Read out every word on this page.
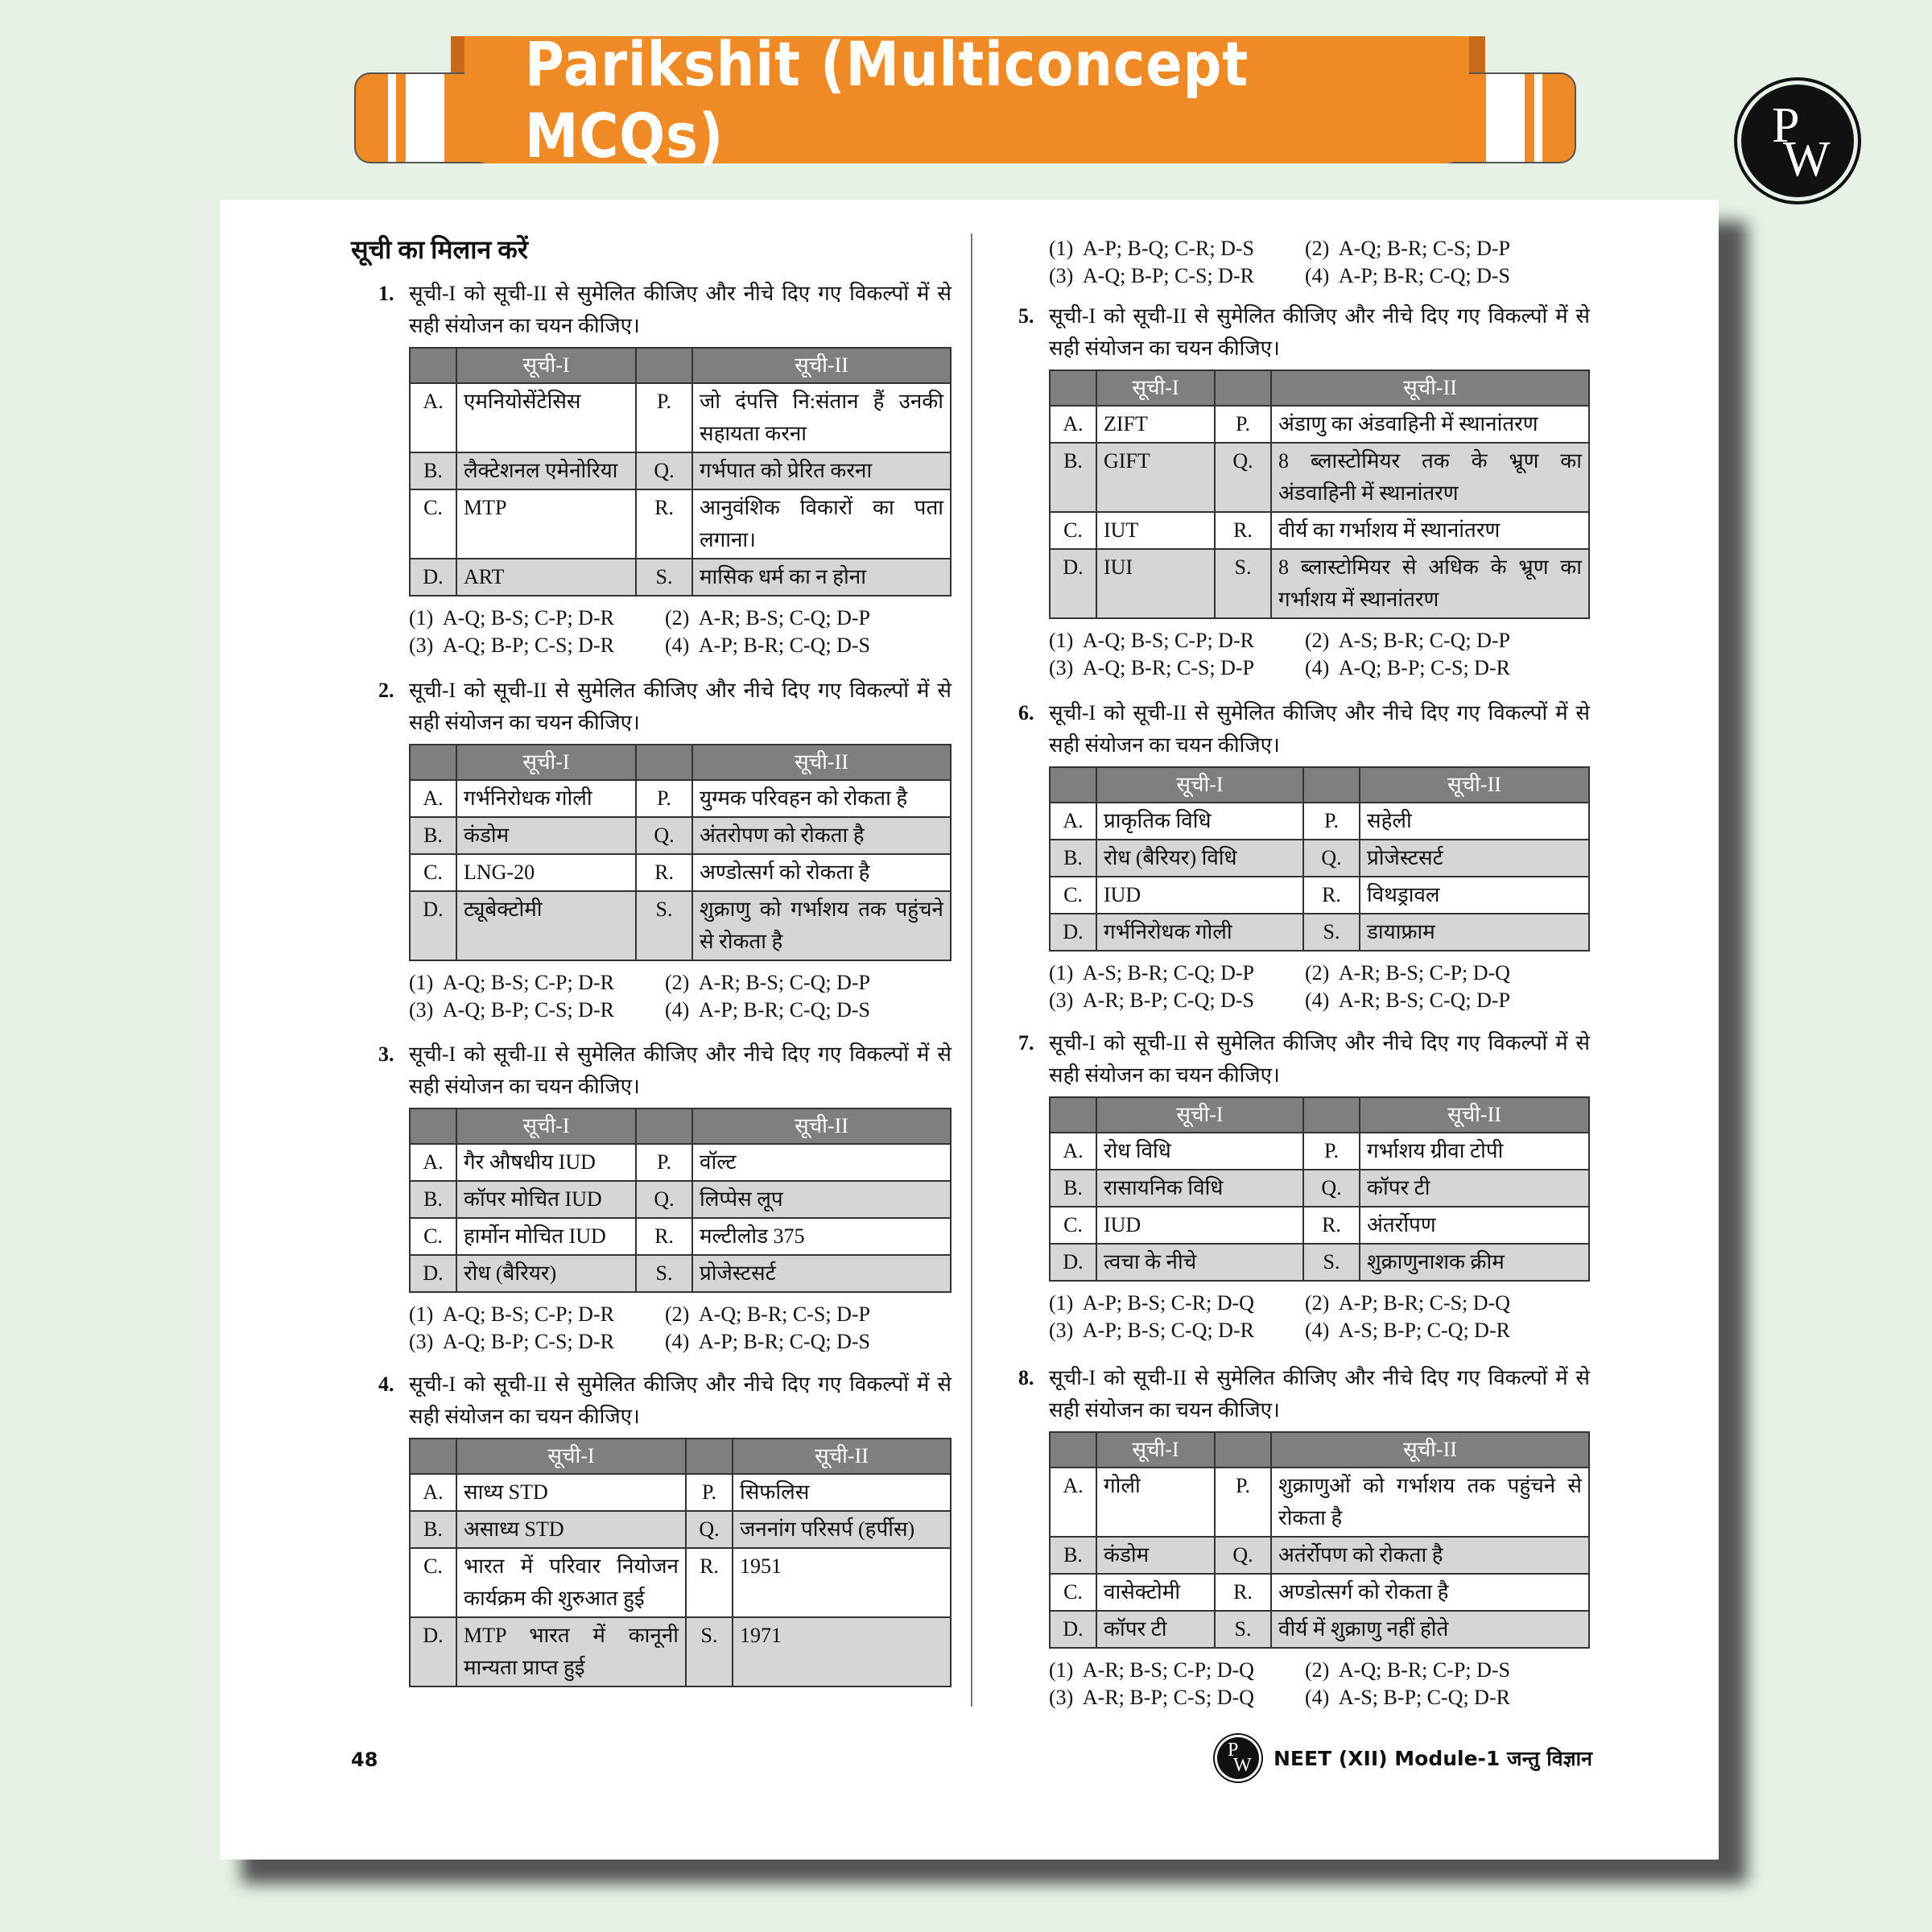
Parikshit (Multiconcept MCQs)	P
W
सूची का मिलान करें
1. सूची-I को सूची-II से सुमेलित कीजिए और नीचे दिए गए विकल्पों में से सही संयोजन का चयन कीजिए।
	सूची-I		सूची-II
A.	एमनियोसेंटेसिस	P.	जो दंपत्ति नि:संतान हैं उनकी सहायता करना
B.	लैक्टेशनल एमेनोरिया	Q.	गर्भपात को प्रेरित करना
C.	MTP	R.	आनुवंशिक विकारों का पता लगाना।
D.	ART	S.	मासिक धर्म का न होना
(1)  A-Q; B-S; C-P; D-R	(2)  A-R; B-S; C-Q; D-P
(3)  A-Q; B-P; C-S; D-R	(4)  A-P; B-R; C-Q; D-S
2. सूची-I को सूची-II से सुमेलित कीजिए और नीचे दिए गए विकल्पों में से सही संयोजन का चयन कीजिए।
	सूची-I		सूची-II
A.	गर्भनिरोधक गोली	P.	युग्मक परिवहन को रोकता है
B.	कंडोम	Q.	अंतरोपण को रोकता है
C.	LNG-20	R.	अण्डोत्सर्ग को रोकता है
D.	ट्यूबेक्टोमी	S.	शुक्राणु को गर्भाशय तक पहुंचने से रोकता है
(1)  A-Q; B-S; C-P; D-R	(2)  A-R; B-S; C-Q; D-P
(3)  A-Q; B-P; C-S; D-R	(4)  A-P; B-R; C-Q; D-S
3. सूची-I को सूची-II से सुमेलित कीजिए और नीचे दिए गए विकल्पों में से सही संयोजन का चयन कीजिए।
	सूची-I		सूची-II
A.	गैर औषधीय IUD	P.	वॉल्ट
B.	कॉपर मोचित IUD	Q.	लिप्पेस लूप
C.	हार्मोन मोचित IUD	R.	मल्टीलोड 375
D.	रोध (बैरियर)	S.	प्रोजेस्टसर्ट
(1)  A-Q; B-S; C-P; D-R	(2)  A-Q; B-R; C-S; D-P
(3)  A-Q; B-P; C-S; D-R	(4)  A-P; B-R; C-Q; D-S
4. सूची-I को सूची-II से सुमेलित कीजिए और नीचे दिए गए विकल्पों में से सही संयोजन का चयन कीजिए।
	सूची-I		सूची-II
A.	साध्य STD	P.	सिफलिस
B.	असाध्य STD	Q.	जननांग परिसर्प (हर्पीस)
C.	भारत में परिवार नियोजन कार्यक्रम की शुरुआत हुई	R.	1951
D.	MTP भारत में कानूनी मान्यता प्राप्त हुई	S.	1971
(1)  A-P; B-Q; C-R; D-S	(2)  A-Q; B-R; C-S; D-P
(3)  A-Q; B-P; C-S; D-R	(4)  A-P; B-R; C-Q; D-S
5. सूची-I को सूची-II से सुमेलित कीजिए और नीचे दिए गए विकल्पों में से सही संयोजन का चयन कीजिए।
	सूची-I		सूची-II
A.	ZIFT	P.	अंडाणु का अंडवाहिनी में स्थानांतरण
B.	GIFT	Q.	8 ब्लास्टोमियर तक के भ्रूण का अंडवाहिनी में स्थानांतरण
C.	IUT	R.	वीर्य का गर्भाशय में स्थानांतरण
D.	IUI	S.	8 ब्लास्टोमियर से अधिक के भ्रूण का गर्भाशय में स्थानांतरण
(1)  A-Q; B-S; C-P; D-R	(2)  A-S; B-R; C-Q; D-P
(3)  A-Q; B-R; C-S; D-P	(4)  A-Q; B-P; C-S; D-R
6. सूची-I को सूची-II से सुमेलित कीजिए और नीचे दिए गए विकल्पों में से सही संयोजन का चयन कीजिए।
	सूची-I		सूची-II
A.	प्राकृतिक विधि	P.	सहेली
B.	रोध (बैरियर) विधि	Q.	प्रोजेस्टसर्ट
C.	IUD	R.	विथड्रावल
D.	गर्भनिरोधक गोली	S.	डायाफ्राम
(1)  A-S; B-R; C-Q; D-P	(2)  A-R; B-S; C-P; D-Q
(3)  A-R; B-P; C-Q; D-S	(4)  A-R; B-S; C-Q; D-P
7. सूची-I को सूची-II से सुमेलित कीजिए और नीचे दिए गए विकल्पों में से सही संयोजन का चयन कीजिए।
	सूची-I		सूची-II
A.	रोध विधि	P.	गर्भाशय ग्रीवा टोपी
B.	रासायनिक विधि	Q.	कॉपर टी
C.	IUD	R.	अंतर्रोपण
D.	त्वचा के नीचे	S.	शुक्राणुनाशक क्रीम
(1)  A-P; B-S; C-R; D-Q	(2)  A-P; B-R; C-S; D-Q
(3)  A-P; B-S; C-Q; D-R	(4)  A-S; B-P; C-Q; D-R
8. सूची-I को सूची-II से सुमेलित कीजिए और नीचे दिए गए विकल्पों में से सही संयोजन का चयन कीजिए।
	सूची-I		सूची-II
A.	गोली	P.	शुक्राणुओं को गर्भाशय तक पहुंचने से रोकता है
B.	कंडोम	Q.	अतंर्रोपण को रोकता है
C.	वासेक्टोमी	R.	अण्डोत्सर्ग को रोकता है
D.	कॉपर टी	S.	वीर्य में शुक्राणु नहीं होते
(1)  A-R; B-S; C-P; D-Q	(2)  A-Q; B-R; C-P; D-S
(3)  A-R; B-P; C-S; D-Q	(4)  A-S; B-P; C-Q; D-R
48	P
W NEET (XII) Module-1 जन्तु विज्ञान
